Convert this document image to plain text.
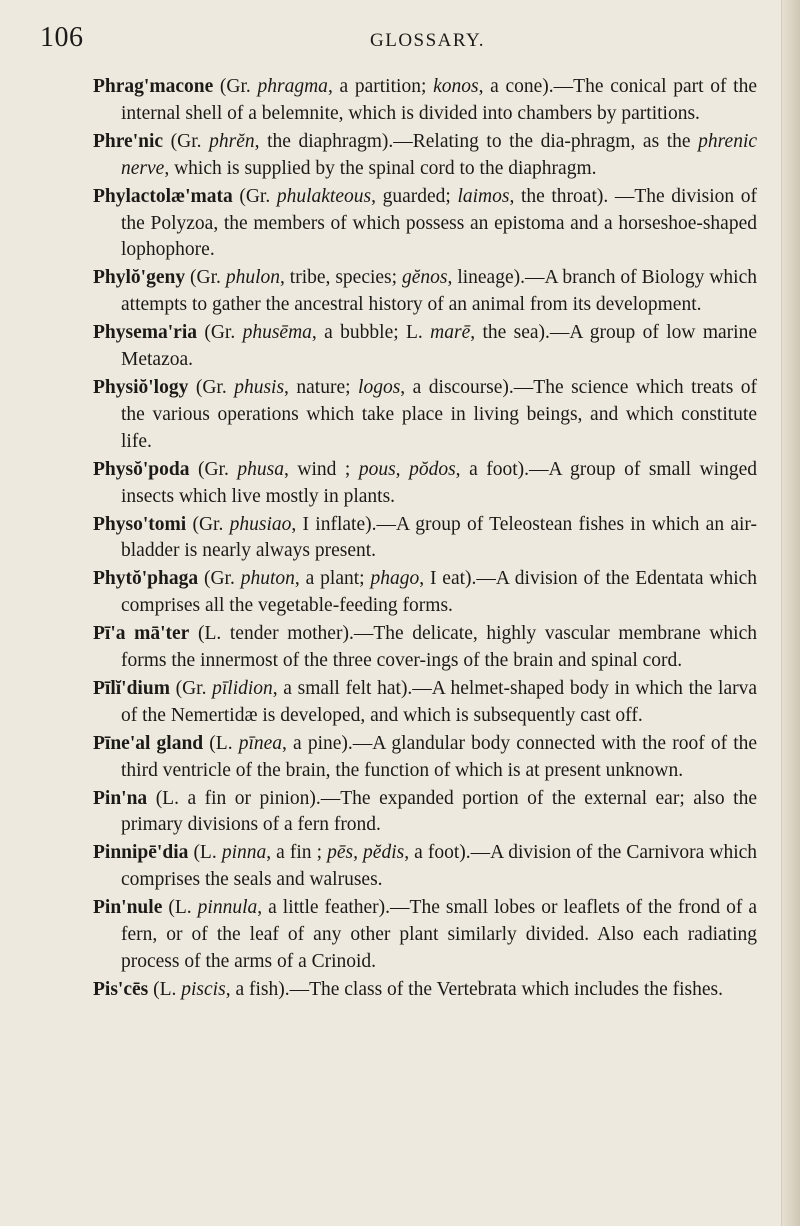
106	GLOSSARY.

Phrag'macone (Gr. phragma, a partition; konos, a cone).—The conical part of the internal shell of a belemnite, which is divided into chambers by partitions.

Phre'nic (Gr. phrĕn, the diaphragm).—Relating to the dia-phragm, as the phrenic nerve, which is supplied by the spinal cord to the diaphragm.

Phylactolæ'mata (Gr. phulakteous, guarded; laimos, the throat). —The division of the Polyzoa, the members of which possess an epistoma and a horseshoe-shaped lophophore.

Phylŏ'geny (Gr. phulon, tribe, species; gĕnos, lineage).—A branch of Biology which attempts to gather the ancestral history of an animal from its development.

Physema'ria (Gr. phusēma, a bubble; L. marē, the sea).—A group of low marine Metazoa.

Physiŏ'logy (Gr. phusis, nature; logos, a discourse).—The science which treats of the various operations which take place in living beings, and which constitute life.

Physŏ'poda (Gr. phusa, wind ; pous, pŏdos, a foot).—A group of small winged insects which live mostly in plants.

Physo'tomi (Gr. phusiao, I inflate).—A group of Teleostean fishes in which an air-bladder is nearly always present.

Phytŏ'phaga (Gr. phuton, a plant; phago, I eat).—A division of the Edentata which comprises all the vegetable-feeding forms.

Pī'a mā'ter (L. tender mother).—The delicate, highly vascular membrane which forms the innermost of the three cover-ings of the brain and spinal cord.

Pīlĭ'dium (Gr. pīlidion, a small felt hat).—A helmet-shaped body in which the larva of the Nemertidæ is developed, and which is subsequently cast off.

Pīne'al gland (L. pīnea, a pine).—A glandular body connected with the roof of the third ventricle of the brain, the function of which is at present unknown.

Pin'na (L. a fin or pinion).—The expanded portion of the external ear; also the primary divisions of a fern frond.

Pinnipē'dia (L. pinna, a fin ; pēs, pĕdis, a foot).—A division of the Carnivora which comprises the seals and walruses.

Pin'nule (L. pinnula, a little feather).—The small lobes or leaflets of the frond of a fern, or of the leaf of any other plant similarly divided. Also each radiating process of the arms of a Crinoid.

Pis'cēs (L. piscis, a fish).—The class of the Vertebrata which includes the fishes.
